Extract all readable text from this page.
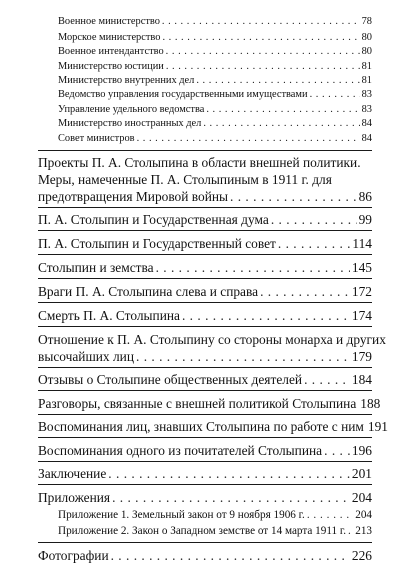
Военное министерство . . .	78
Морское министерство . . .	80
Военное интендантство . . .	80
Министерство юстиции . . .	81
Министерство внутренних дел . . .	81
Ведомство управления государственными имуществами . . .	83
Управление удельного ведомства . . .	83
Министерство иностранных дел . . .	84
Совет министров . . .	84
Проекты П. А. Столыпина в области внешней политики.
Меры, намеченные П. А. Столыпиным в 1911 г. для
предотвращения Мировой войны . . .	86
П. А. Столыпин и Государственная дума . . .	99
П. А. Столыпин и Государственный совет . . .	114
Столыпин и земства . . .	145
Враги П. А. Столыпина слева и справа . . .	172
Смерть П. А. Столыпина . . .	174
Отношение к П. А. Столыпину со стороны монарха и других
высочайших лиц . . .	179
Отзывы о Столыпине общественных деятелей . . .	184
Разговоры, связанные с внешней политикой Столыпина 188
Воспоминания лиц, знавших Столыпина по работе с ним 191
Воспоминания одного из почитателей Столыпина . . . 196
Заключение . . .	201
Приложения . . .	204
Приложение 1. Земельный закон от 9 ноября 1906 г. . . .	204
Приложение 2. Закон о Западном земстве от 14 марта 1911 г. . . . 213
Фотографии . . .	226
